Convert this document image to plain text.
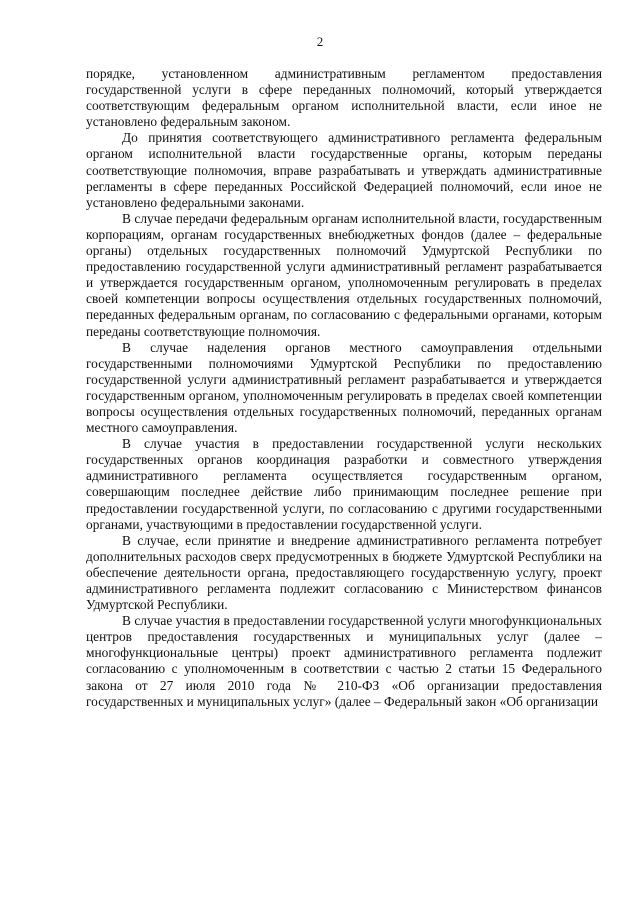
2

порядке, установленном административным регламентом предоставления государственной услуги в сфере переданных полномочий, который утверждается соответствующим федеральным органом исполнительной власти, если иное не установлено федеральным законом.

До принятия соответствующего административного регламента федеральным органом исполнительной власти государственные органы, которым переданы соответствующие полномочия, вправе разрабатывать и утверждать административные регламенты в сфере переданных Российской Федерацией полномочий, если иное не установлено федеральными законами.

В случае передачи федеральным органам исполнительной власти, государственным корпорациям, органам государственных внебюджетных фондов (далее – федеральные органы) отдельных государственных полномочий Удмуртской Республики по предоставлению государственной услуги административный регламент разрабатывается и утверждается государственным органом, уполномоченным регулировать в пределах своей компетенции вопросы осуществления отдельных государственных полномочий, переданных федеральным органам, по согласованию с федеральными органами, которым переданы соответствующие полномочия.

В случае наделения органов местного самоуправления отдельными государственными полномочиями Удмуртской Республики по предоставлению государственной услуги административный регламент разрабатывается и утверждается государственным органом, уполномоченным регулировать в пределах своей компетенции вопросы осуществления отдельных государственных полномочий, переданных органам местного самоуправления.

В случае участия в предоставлении государственной услуги нескольких государственных органов координация разработки и совместного утверждения административного регламента осуществляется государственным органом, совершающим последнее действие либо принимающим последнее решение при предоставлении государственной услуги, по согласованию с другими государственными органами, участвующими в предоставлении государственной услуги.

В случае, если принятие и внедрение административного регламента потребует дополнительных расходов сверх предусмотренных в бюджете Удмуртской Республики на обеспечение деятельности органа, предоставляющего государственную услугу, проект административного регламента подлежит согласованию с Министерством финансов Удмуртской Республики.

В случае участия в предоставлении государственной услуги многофункциональных центров предоставления государственных и муниципальных услуг (далее – многофункциональные центры) проект административного регламента подлежит согласованию с уполномоченным в соответствии с частью 2 статьи 15 Федерального закона от 27 июля 2010 года № 210-ФЗ «Об организации предоставления государственных и муниципальных услуг» (далее – Федеральный закон «Об организации
